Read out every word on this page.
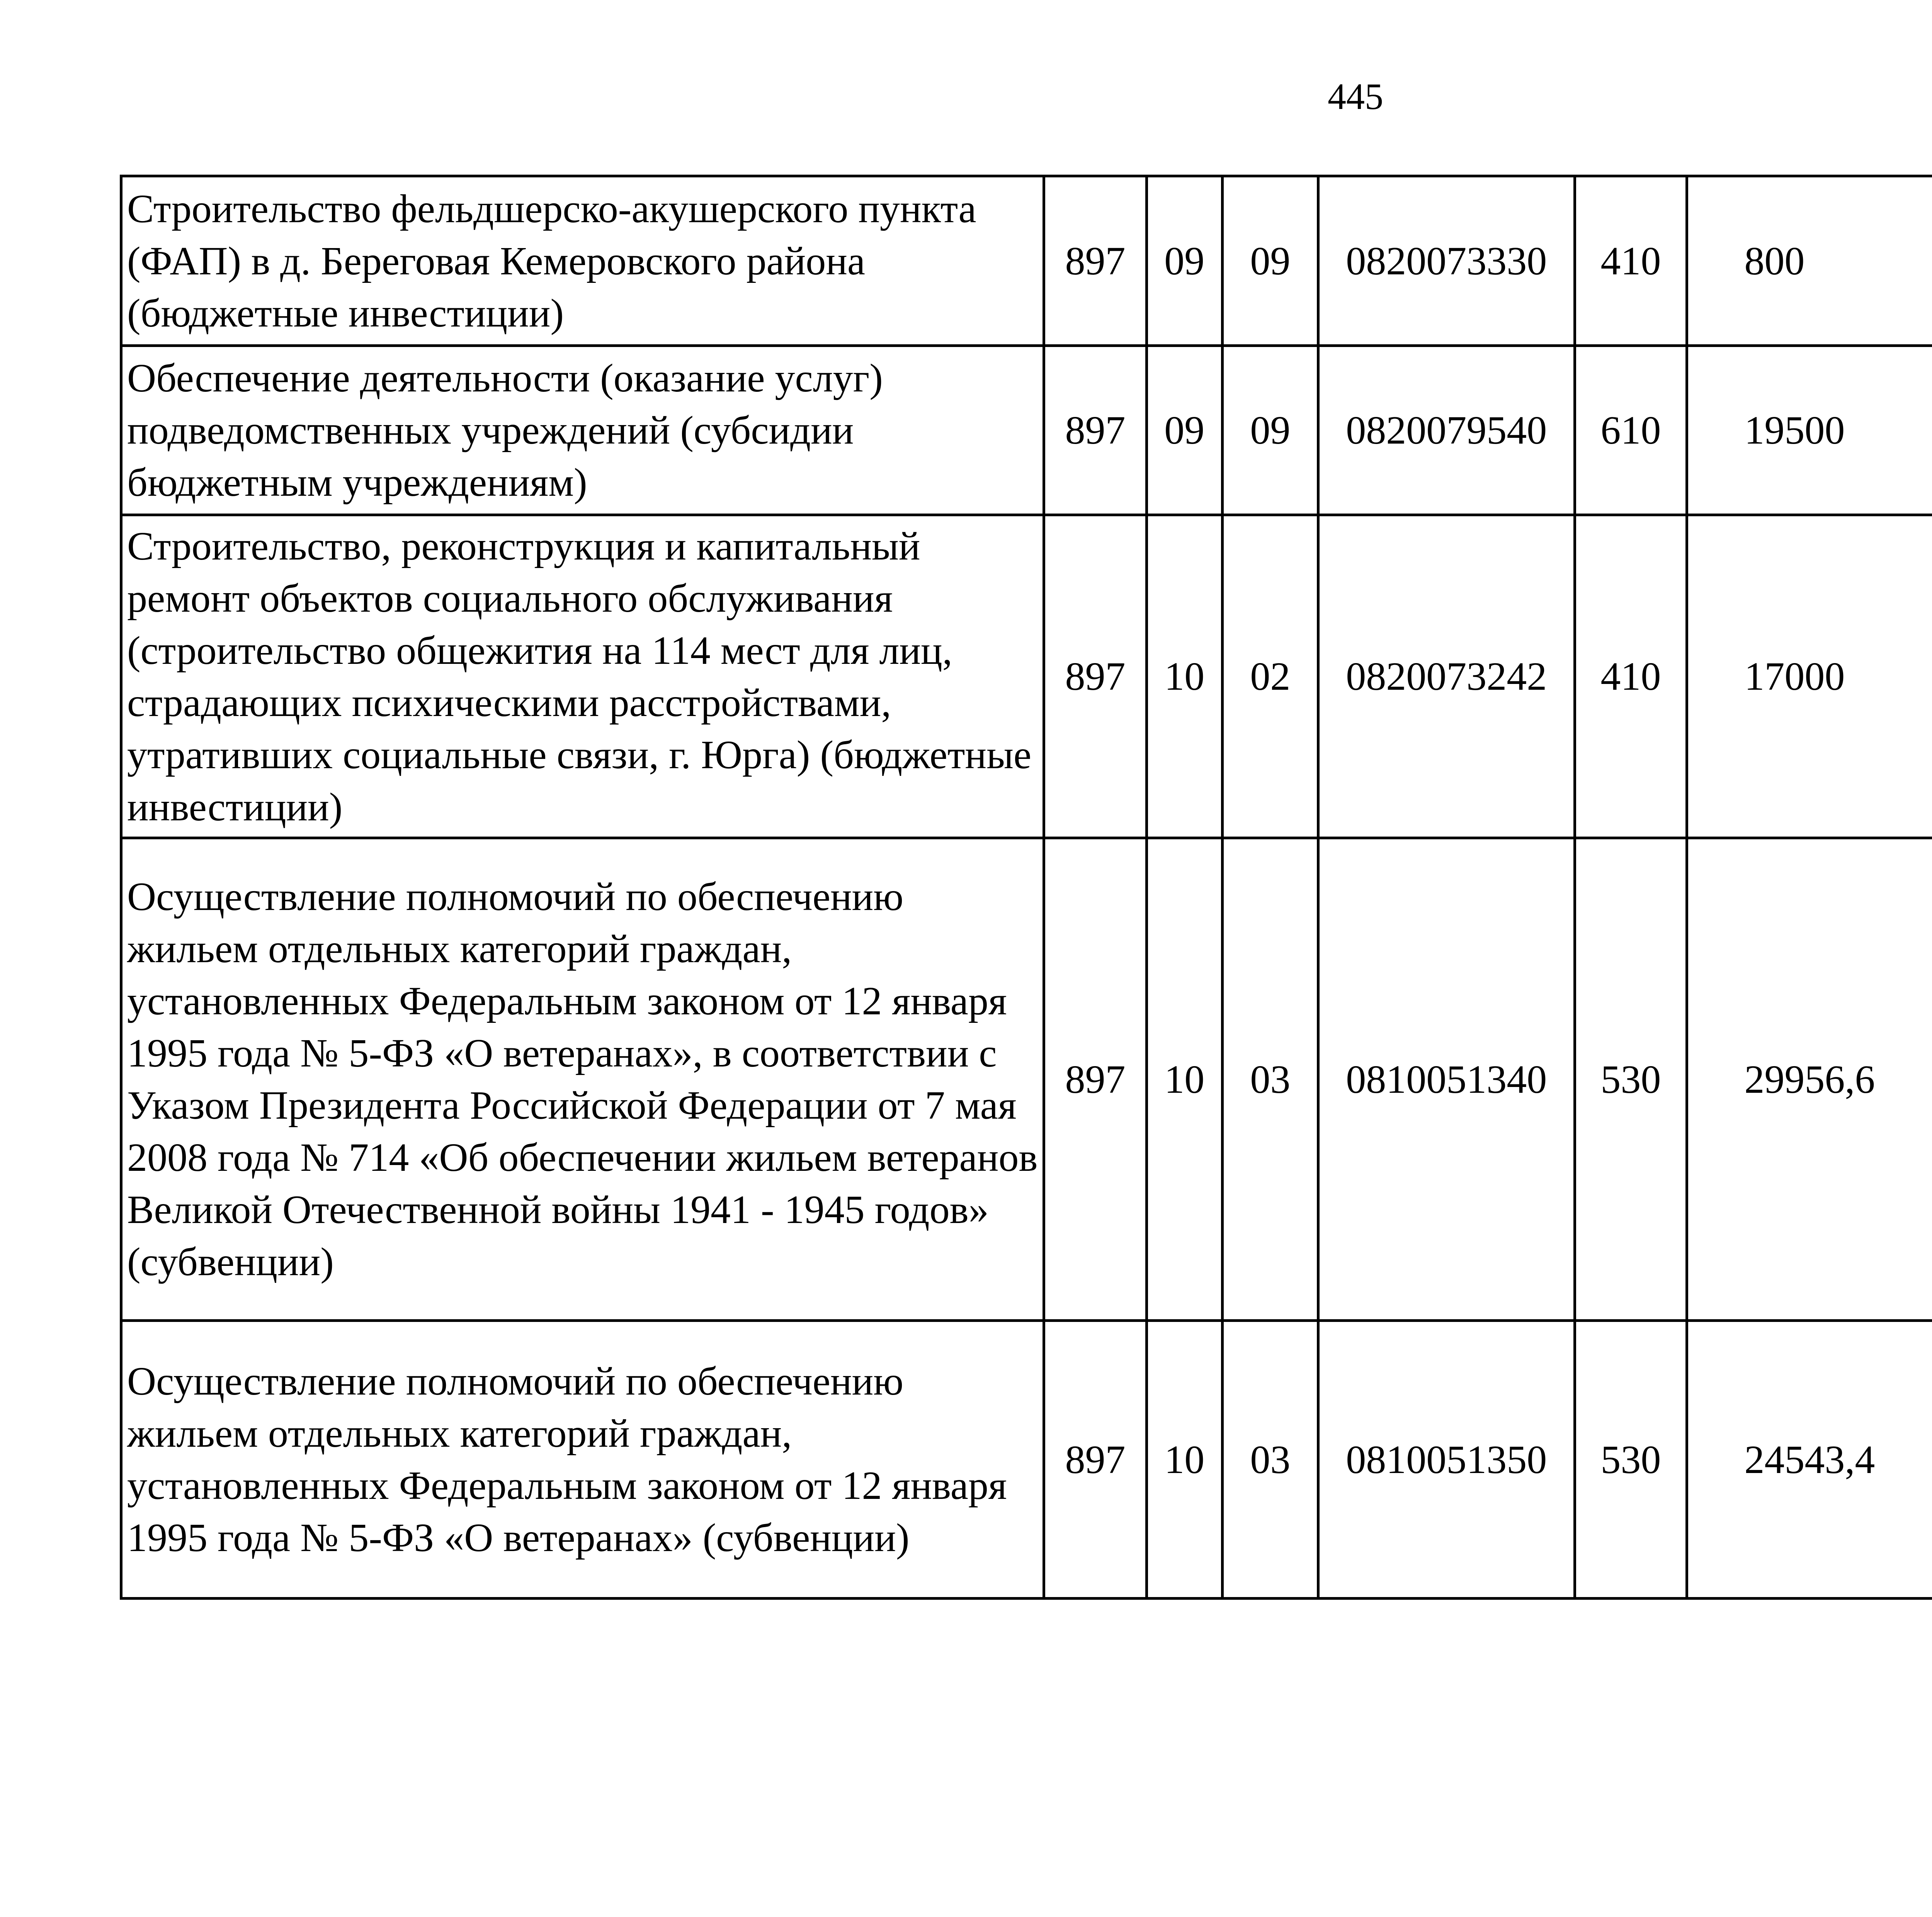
445
Строительство фельдшерско-акушерского пункта (ФАП) в д. Береговая Кемеровского района (бюджетные инвестиции)	897	09	09	0820073330	410	800		
Обеспечение деятельности (оказание услуг) подведомственных учреждений (субсидии бюджетным учреждениям)	897	09	09	0820079540	610	19500		
Строительство, реконструкция и капитальный ремонт объектов социального обслуживания (строительство общежития на 114 мест для лиц, страдающих психическими расстройствами, утративших социальные связи, г. Юрга) (бюджетные инвестиции)	897	10	02	0820073242	410	17000		
Осуществление полномочий по обеспечению жильем отдельных категорий граждан, установленных Федеральным законом от 12 января 1995 года № 5-ФЗ «О ветеранах», в соответствии с Указом Президента Российской Федерации от 7 мая 2008 года № 714 «Об обеспечении жильем ветеранов Великой Отечественной войны 1941 - 1945 годов» (субвенции)	897	10	03	0810051340	530	29956,6		
Осуществление полномочий по обеспечению жильем отдельных категорий граждан, установленных Федеральным законом от 12 января 1995 года № 5-ФЗ «О ветеранах» (субвенции)	897	10	03	0810051350	530	24543,4		
